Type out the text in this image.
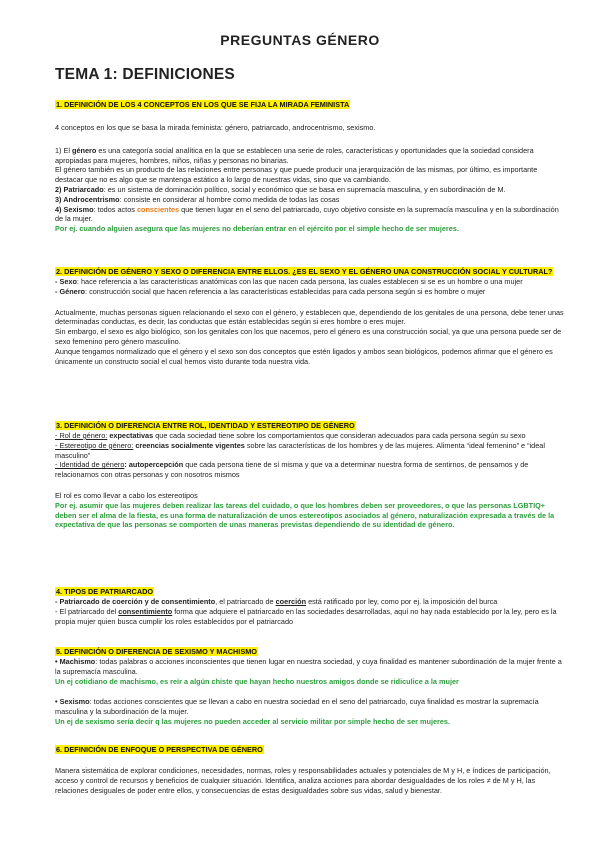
PREGUNTAS GÉNERO
TEMA 1: DEFINICIONES

1. DEFINICIÓN DE LOS 4 CONCEPTOS EN LOS QUE SE FIJA LA MIRADA FEMINISTA

4 conceptos en los que se basa la mirada feminista: género, patriarcado, androcentrismo, sexismo.

1) El género es una categoría social analítica en la que se establecen una serie de roles, características y oportunidades que la sociedad considera apropiadas para mujeres, hombres, niños, niñas y personas no binarias.

El género también es un producto de las relaciones entre personas y que puede producir una jerarquización de las mismas, por último, es importante destacar que no es algo que se mantenga estático a lo largo de nuestras vidas, sino que va cambiando.

2) Patriarcado: es un sistema de dominación político, social y económico que se basa en supremacía masculina, y en subordinación de M.

3) Androcentrismo: consiste en considerar al hombre como medida de todas las cosas

4) Sexismo: todos actos conscientes que tienen lugar en el seno del patriarcado, cuyo objetivo consiste en la supremacía masculina y en la subordinación de la mujer.

Por ej. cuando alguien asegura que las mujeres no deberían entrar en el ejército por el simple hecho de ser mujeres.

2. DEFINICIÓN DE GÉNERO Y SEXO O DIFERENCIA ENTRE ELLOS. ¿ES EL SEXO Y EL GÉNERO UNA CONSTRUCCIÓN SOCIAL Y CULTURAL?

- Sexo: hace referencia a las características anatómicas con las que nacen cada persona, las cuales establecen si se es un hombre o una mujer

- Género: construcción social que hacen referencia a las características establecidas para cada persona según si es hombre o mujer

Actualmente, muchas personas siguen relacionando el sexo con el género, y establecen que, dependiendo de los genitales de una persona, debe tener unas determinadas conductas, es decir, las conductas que están establecidas según si eres hombre o eres mujer.

Sin embargo, el sexo es algo biológico, son los genitales con los que nacemos, pero el género es una construcción social, ya que una persona puede ser de sexo femenino pero género masculino.

Aunque tengamos normalizado que el género y el sexo son dos conceptos que estén ligados y ambos sean biológicos, podemos afirmar que el género es únicamente un constructo social el cual hemos visto durante toda nuestra vida.

3. DEFINICIÓN O DIFERENCIA ENTRE ROL, IDENTIDAD Y ESTEREOTIPO DE GÉNERO

- Rol de género: expectativas que cada sociedad tiene sobre los comportamientos que consideran adecuados para cada persona según su sexo

- Estereotipo de género: creencias socialmente vigentes sobre las características de los hombres y de las mujeres. Alimenta “ideal femenino” e “ideal masculino”

- Identidad de género: autopercepción que cada persona tiene de sí misma y que va a determinar nuestra forma de sentirnos, de pensarnos y de relacionarnos con otras personas y con nosotros mismos

El rol es como llevar a cabo los estereotipos

Por ej. asumir que las mujeres deben realizar las tareas del cuidado, o que los hombres deben ser proveedores, o que las personas LGBTIQ+ deben ser el alma de la fiesta, es una forma de naturalización de unos estereotipos asociados al género, naturalización expresada a través de la expectativa de que las personas se comporten de unas maneras previstas dependiendo de su identidad de género.

4. TIPOS DE PATRIARCADO

- Patriarcado de coerción y de consentimiento, el patriarcado de coerción está ratificado por ley, como por ej. la imposición del burca

- El patriarcado del consentimiento forma que adquiere el patriarcado en las sociedades desarrolladas, aquí no hay nada establecido por la ley, pero es la propia mujer quien busca cumplir los roles establecidos por el patriarcado

5. DEFINICIÓN O DIFERENCIA DE SEXISMO Y MACHISMO

• Machismo: todas palabras o acciones inconscientes que tienen lugar en nuestra sociedad, y cuya finalidad es mantener subordinación de la mujer frente a la supremacía masculina.

Un ej cotidiano de machismo, es reír a algún chiste que hayan hecho nuestros amigos donde se ridiculice a la mujer

• Sexismo: todas acciones conscientes que se llevan a cabo en nuestra sociedad en el seno del patriarcado, cuya finalidad es mostrar la supremacía masculina y la subordinación de la mujer.

Un ej de sexismo sería decir q las mujeres no pueden acceder al servicio militar por simple hecho de ser mujeres.

6. DEFINICIÓN DE ENFOQUE O PERSPECTIVA DE GÉNERO

Manera sistemática de explorar condiciones, necesidades, normas, roles y responsabilidades actuales y potenciales de M y H, e índices de participación, acceso y control de recursos y beneficios de cualquier situación. Identifica, analiza acciones para abordar desigualdades de los roles ≠ de M y H, las relaciones desiguales de poder entre ellos, y consecuencias de estas desigualdades sobre sus vidas, salud y bienestar.
